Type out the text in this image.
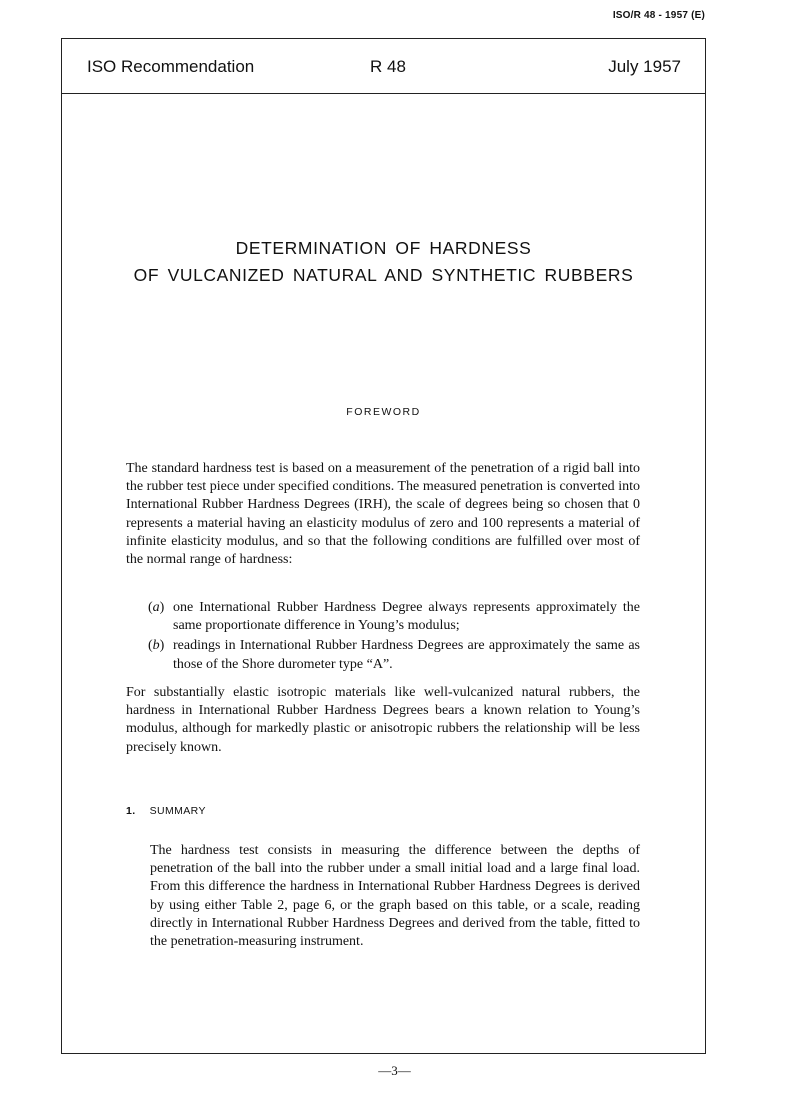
ISO/R 48 - 1957 (E)
ISO Recommendation	R 48	July 1957
DETERMINATION OF HARDNESS
OF VULCANIZED NATURAL AND SYNTHETIC RUBBERS
FOREWORD

The standard hardness test is based on a measurement of the penetration of a rigid ball into the rubber test piece under specified conditions. The measured penetration is converted into International Rubber Hardness Degrees (IRH), the scale of degrees being so chosen that 0 represents a material having an elasticity modulus of zero and 100 represents a material of infinite elasticity modulus, and so that the following conditions are fulfilled over most of the normal range of hardness:

(a) one International Rubber Hardness Degree always represents approximately the same proportionate difference in Young’s modulus;
(b) readings in International Rubber Hardness Degrees are approximately the same as those of the Shore durometer type “A”.

For substantially elastic isotropic materials like well-vulcanized natural rubbers, the hardness in International Rubber Hardness Degrees bears a known relation to Young’s modulus, although for markedly plastic or anisotropic rubbers the relationship will be less precisely known.

1. SUMMARY

The hardness test consists in measuring the difference between the depths of penetration of the ball into the rubber under a small initial load and a large final load. From this difference the hardness in International Rubber Hardness Degrees is derived by using either Table 2, page 6, or the graph based on this table, or a scale, reading directly in International Rubber Hardness Degrees and derived from the table, fitted to the penetration-measuring instrument.

—3—
